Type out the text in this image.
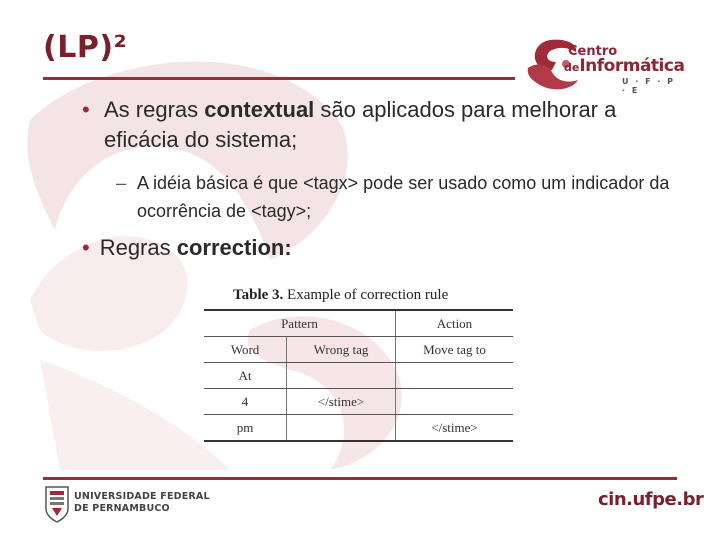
(LP)²	Centro
deInformática
U · F · P · E
• As regras contextual são aplicados para melhorar a eficácia do sistema;
– A idéia básica é que <tagx> pode ser usado como um indicador da ocorrência de <tagy>;
• Regras correction:
Table 3. Example of correction rule
Pattern		Action
Word	Wrong tag	Move tag to
At		
4	</stime>	
pm		</stime>
UNIVERSIDADE FEDERAL
DE PERNAMBUCO	cin.ufpe.br
